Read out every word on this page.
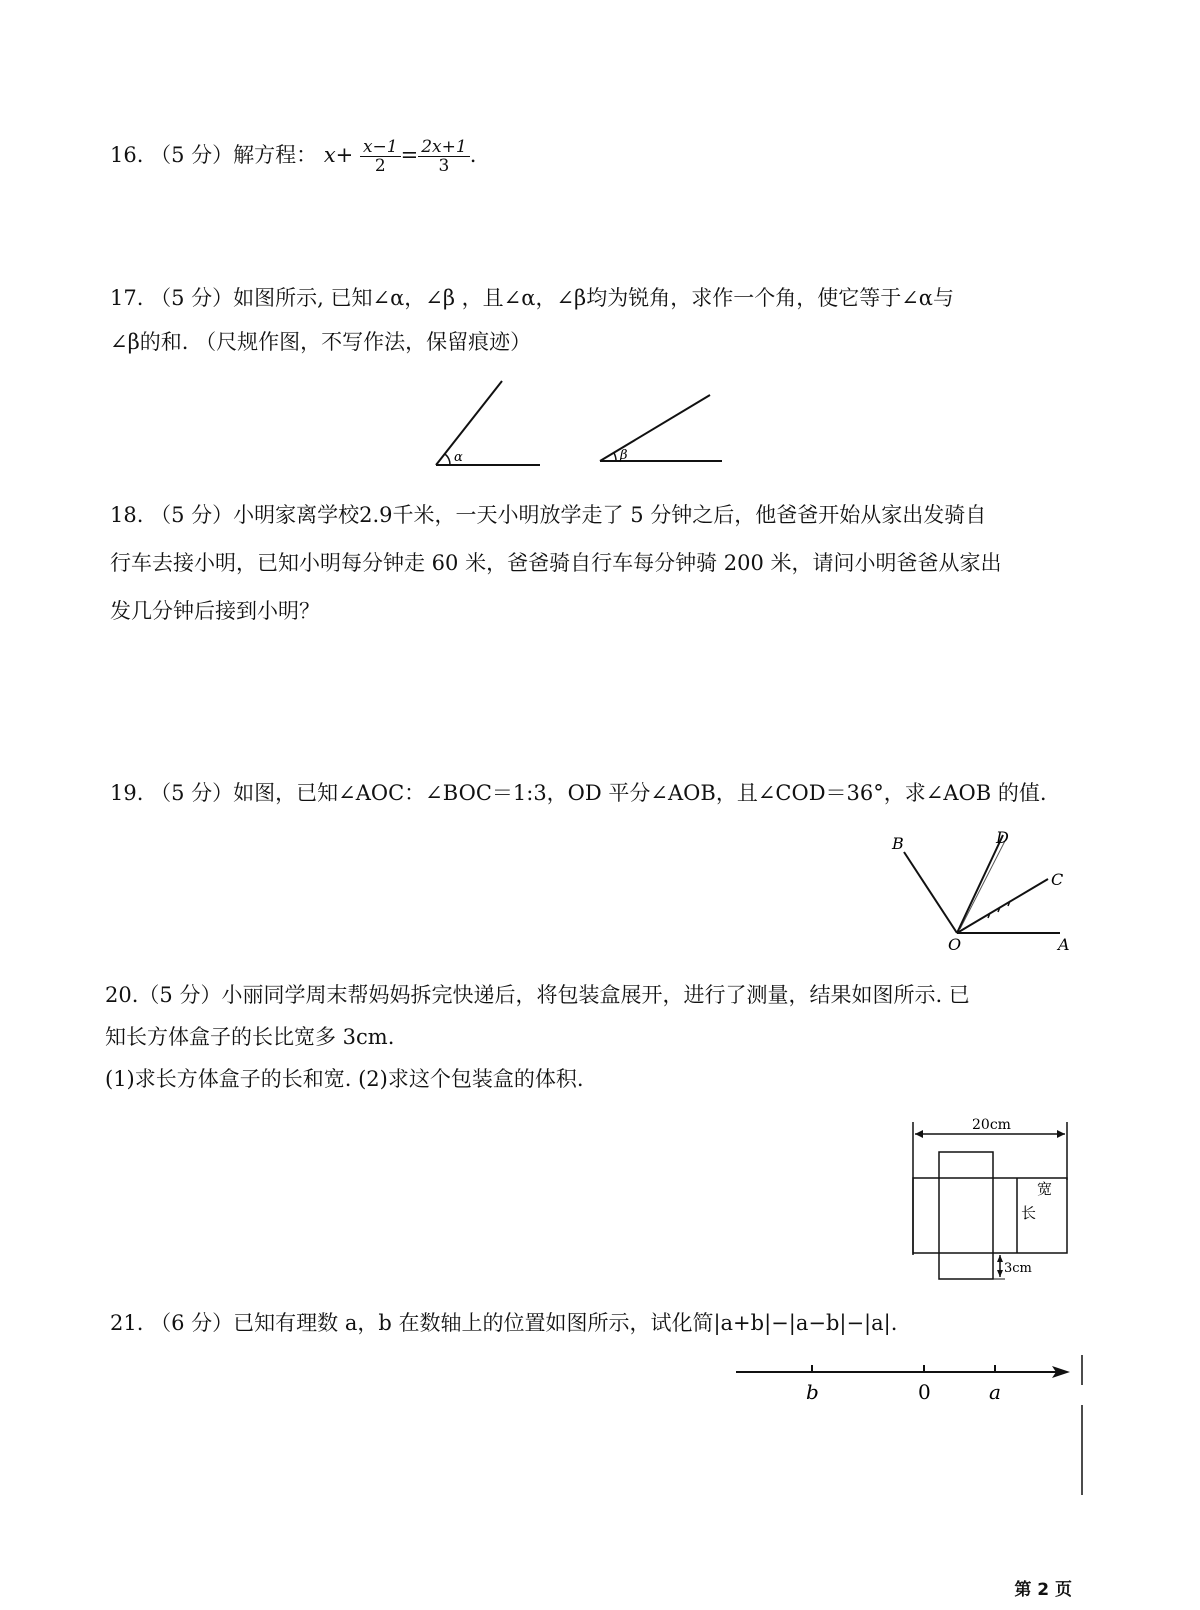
16. （5 分）解方程： $x+ \frac{x-1}{2} = \frac{2x+1}{3}$ .

17. （5 分）如图所示, 已知∠α，∠β ，且∠α，∠β均为锐角，求作一个角，使它等于∠α与

∠β的和. （尺规作图，不写作法，保留痕迹）

α	β

18. （5 分）小明家离学校2.9千米，一天小明放学走了 5 分钟之后，他爸爸开始从家出发骑自

行车去接小明，已知小明每分钟走 60 米，爸爸骑自行车每分钟骑 200 米，请问小明爸爸从家出

发几分钟后接到小明？

19. （5 分）如图，已知∠AOC：∠BOC＝1:3，OD 平分∠AOB，且∠COD＝36°，求∠AOB 的值.
B	D
C
O	A

20.（5 分）小丽同学周末帮妈妈拆完快递后，将包装盒展开，进行了测量，结果如图所示. 已

知长方体盒子的长比宽多 3cm.

(1)求长方体盒子的长和宽. (2)求这个包装盒的体积.

20cm
宽
长
3cm
21. （6 分）已知有理数 a，b 在数轴上的位置如图所示，试化简|a+b|−|a−b|−|a|.
b	0	a
第 2 页
